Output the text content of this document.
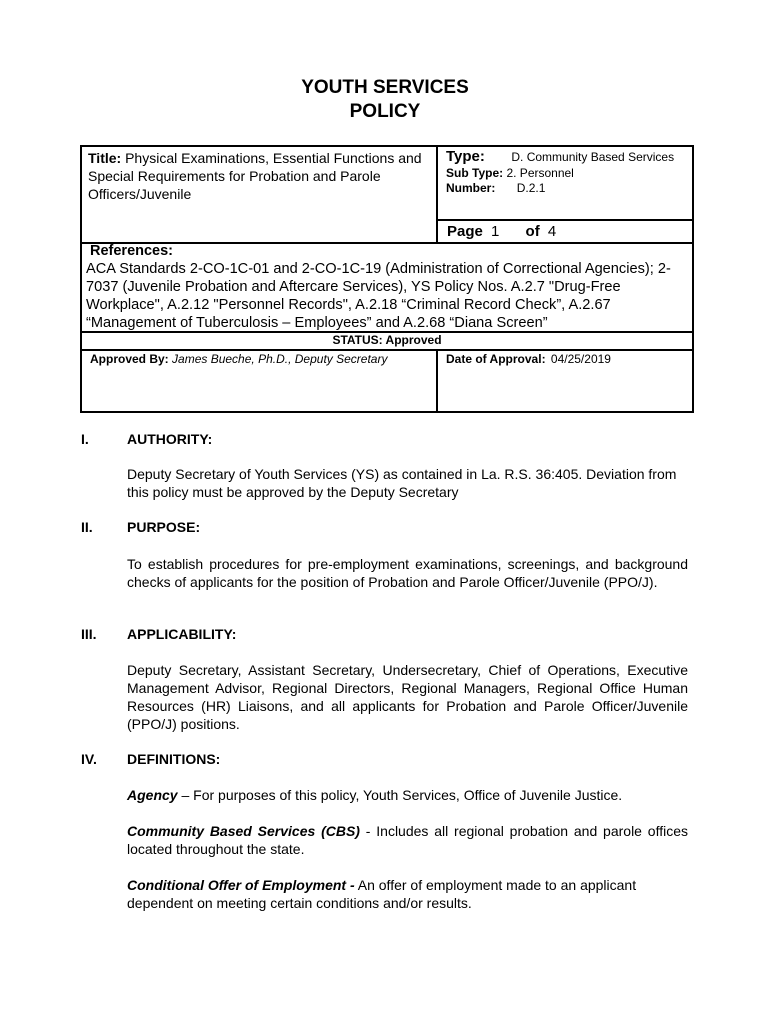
YOUTH SERVICES
POLICY
Title: Physical Examinations, Essential Functions and Special Requirements for Probation and Parole Officers/Juvenile
Type: D. Community Based Services
Sub Type: 2. Personnel
Number: D.2.1
Page 1 of 4
References:
ACA Standards 2-CO-1C-01 and 2-CO-1C-19 (Administration of Correctional Agencies); 2-7037 (Juvenile Probation and Aftercare Services), YS Policy Nos. A.2.7 "Drug-Free Workplace", A.2.12 "Personnel Records", A.2.18 “Criminal Record Check”, A.2.67 “Management of Tuberculosis – Employees” and A.2.68 “Diana Screen”
STATUS: Approved
Approved By: James Bueche, Ph.D., Deputy Secretary	Date of Approval: 04/25/2019
I.	AUTHORITY:
Deputy Secretary of Youth Services (YS) as contained in La. R.S. 36:405. Deviation from this policy must be approved by the Deputy Secretary
II. PURPOSE:
To establish procedures for pre-employment examinations, screenings, and background checks of applicants for the position of Probation and Parole Officer/Juvenile (PPO/J).
III. APPLICABILITY:
Deputy Secretary, Assistant Secretary, Undersecretary, Chief of Operations, Executive Management Advisor, Regional Directors, Regional Managers, Regional Office Human Resources (HR) Liaisons, and all applicants for Probation and Parole Officer/Juvenile (PPO/J) positions.
IV. DEFINITIONS:
Agency – For purposes of this policy, Youth Services, Office of Juvenile Justice.
Community Based Services (CBS) - Includes all regional probation and parole offices located throughout the state.
Conditional Offer of Employment - An offer of employment made to an applicant dependent on meeting certain conditions and/or results.
